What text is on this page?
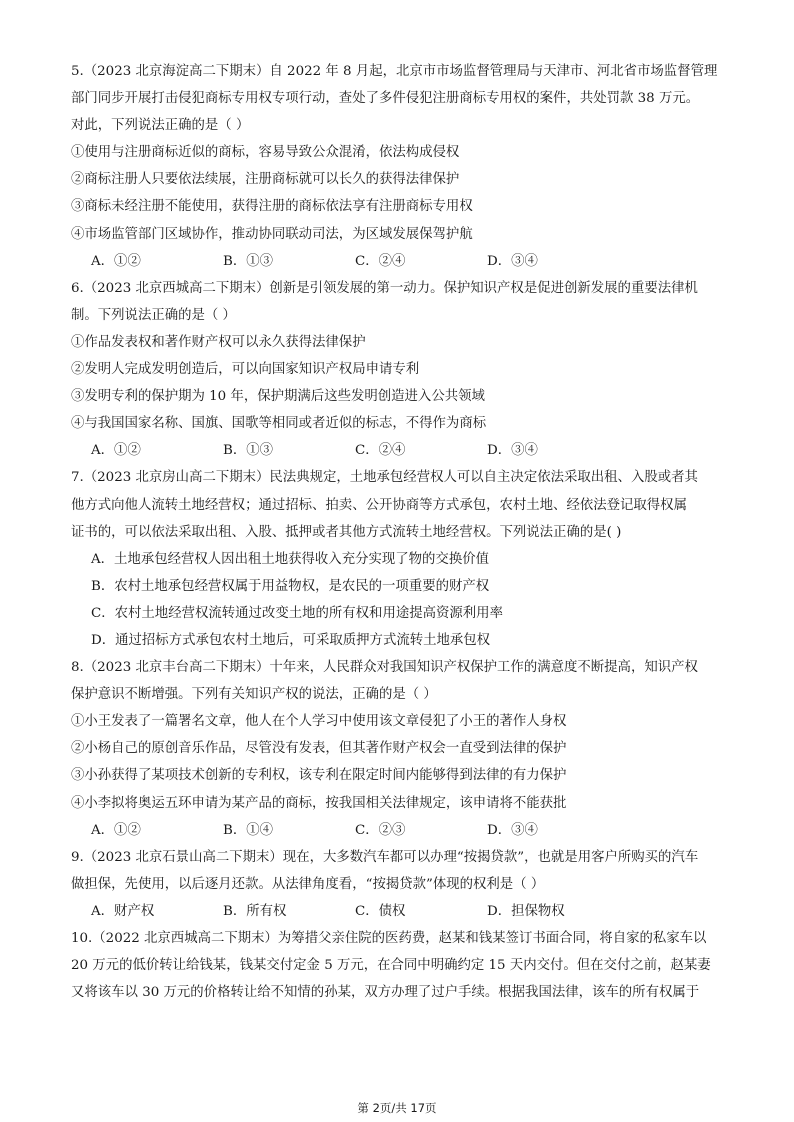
5.（2023 北京海淀高二下期末）自 2022 年 8 月起，北京市市场监督管理局与天津市、河北省市场监督管理
部门同步开展打击侵犯商标专用权专项行动，查处了多件侵犯注册商标专用权的案件，共处罚款 38 万元。
对此，下列说法正确的是（ ）
①使用与注册商标近似的商标，容易导致公众混淆，依法构成侵权
②商标注册人只要依法续展，注册商标就可以长久的获得法律保护
③商标未经注册不能使用，获得注册的商标依法享有注册商标专用权
④市场监管部门区域协作，推动协同联动司法，为区域发展保驾护航
A．①②	B．①③	C．②④	D．③④
6.（2023 北京西城高二下期末）创新是引领发展的第一动力。保护知识产权是促进创新发展的重要法律机
制。下列说法正确的是（ ）
①作品发表权和著作财产权可以永久获得法律保护
②发明人完成发明创造后，可以向国家知识产权局申请专利
③发明专利的保护期为 10 年，保护期满后这些发明创造进入公共领域
④与我国国家名称、国旗、国歌等相同或者近似的标志，不得作为商标
A．①②	B．①③	C．②④	D．③④
7.（2023 北京房山高二下期末）民法典规定，土地承包经营权人可以自主决定依法采取出租、入股或者其
他方式向他人流转土地经营权；通过招标、拍卖、公开协商等方式承包，农村土地、经依法登记取得权属
证书的，可以依法采取出租、入股、抵押或者其他方式流转土地经营权。下列说法正确的是( )
A．土地承包经营权人因出租土地获得收入充分实现了物的交换价值
B．农村土地承包经营权属于用益物权，是农民的一项重要的财产权
C．农村土地经营权流转通过改变土地的所有权和用途提高资源利用率
D．通过招标方式承包农村土地后，可采取质押方式流转土地承包权
8.（2023 北京丰台高二下期末）十年来，人民群众对我国知识产权保护工作的满意度不断提高，知识产权
保护意识不断增强。下列有关知识产权的说法，正确的是（ ）
①小王发表了一篇署名文章，他人在个人学习中使用该文章侵犯了小王的著作人身权
②小杨自己的原创音乐作品，尽管没有发表，但其著作财产权会一直受到法律的保护
③小孙获得了某项技术创新的专利权，该专利在限定时间内能够得到法律的有力保护
④小李拟将奥运五环申请为某产品的商标，按我国相关法律规定，该申请将不能获批
A．①②	B．①④	C．②③	D．③④
9.（2023 北京石景山高二下期末）现在，大多数汽车都可以办理“按揭贷款”，也就是用客户所购买的汽车
做担保，先使用，以后逐月还款。从法律角度看，“按揭贷款”体现的权利是（ ）
A．财产权	B．所有权	C．债权	D．担保物权
10.（2022 北京西城高二下期末）为筹措父亲住院的医药费，赵某和钱某签订书面合同，将自家的私家车以
20 万元的低价转让给钱某，钱某交付定金 5 万元，在合同中明确约定 15 天内交付。但在交付之前，赵某妻
又将该车以 30 万元的价格转让给不知情的孙某，双方办理了过户手续。根据我国法律，该车的所有权属于
第 2页/共 17页
